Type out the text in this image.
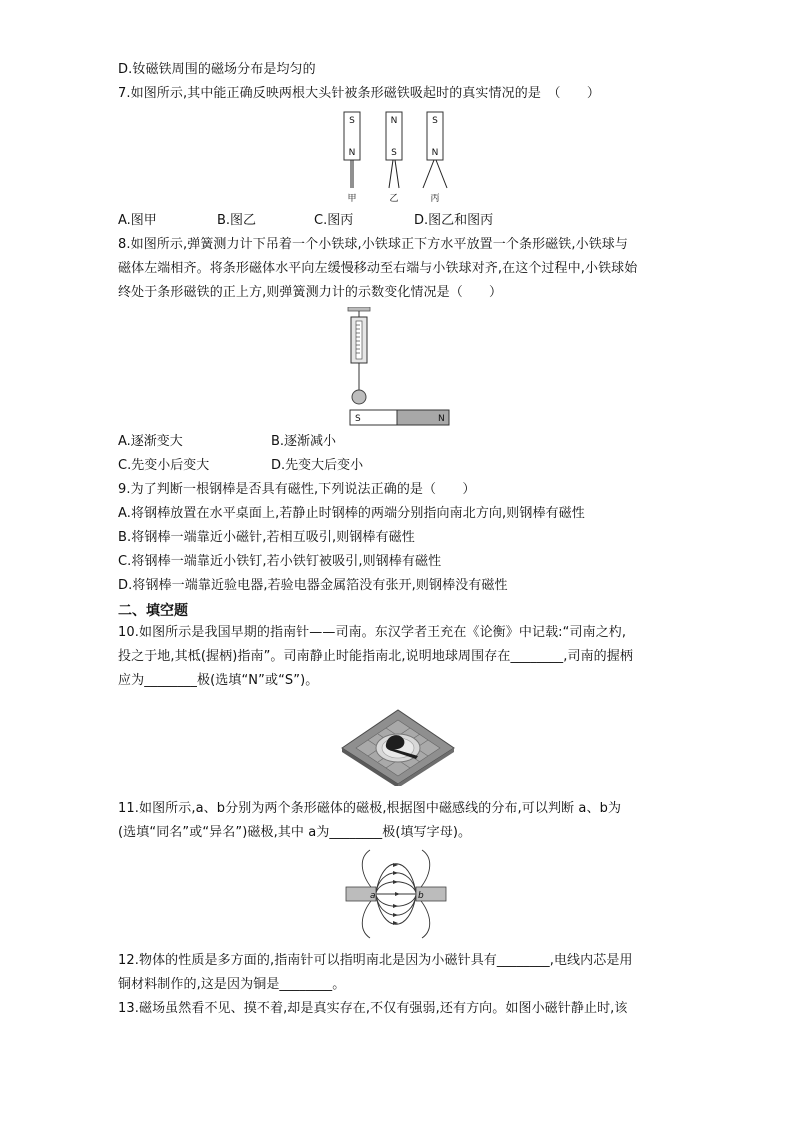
D.钕磁铁周围的磁场分布是均匀的
7.如图所示,其中能正确反映两根大头针被条形磁铁吸起时的真实情况的是　（　　）
S
N
N
S
S
N
甲	乙	丙
A.图甲	B.图乙	C.图丙	D.图乙和图丙
8.如图所示,弹簧测力计下吊着一个小铁球,小铁球正下方水平放置一个条形磁铁,小铁球与
磁体左端相齐。将条形磁体水平向左缓慢移动至右端与小铁球对齐,在这个过程中,小铁球始
终处于条形磁铁的正上方,则弹簧测力计的示数变化情况是（　　）
S	N
A.逐渐变大	B.逐渐减小
C.先变小后变大	D.先变大后变小
9.为了判断一根钢棒是否具有磁性,下列说法正确的是（　　）
A.将钢棒放置在水平桌面上,若静止时钢棒的两端分别指向南北方向,则钢棒有磁性
B.将钢棒一端靠近小磁针,若相互吸引,则钢棒有磁性
C.将钢棒一端靠近小铁钉,若小铁钉被吸引,则钢棒有磁性
D.将钢棒一端靠近验电器,若验电器金属箔没有张开,则钢棒没有磁性
二、填空题
10.如图所示是我国早期的指南针——司南。东汉学者王充在《论衡》中记载:“司南之杓,
投之于地,其柢(握柄)指南”。司南静止时能指南北,说明地球周围存在________,司南的握柄
应为________极(选填“N”或“S”)。
11.如图所示,a、b分别为两个条形磁体的磁极,根据图中磁感线的分布,可以判断 a、b为
(选填“同名”或“异名”)磁极,其中 a为________极(填写字母)。
a	b
12.物体的性质是多方面的,指南针可以指明南北是因为小磁针具有________,电线内芯是用
铜材料制作的,这是因为铜是________。
13.磁场虽然看不见、摸不着,却是真实存在,不仅有强弱,还有方向。如图小磁针静止时,该
